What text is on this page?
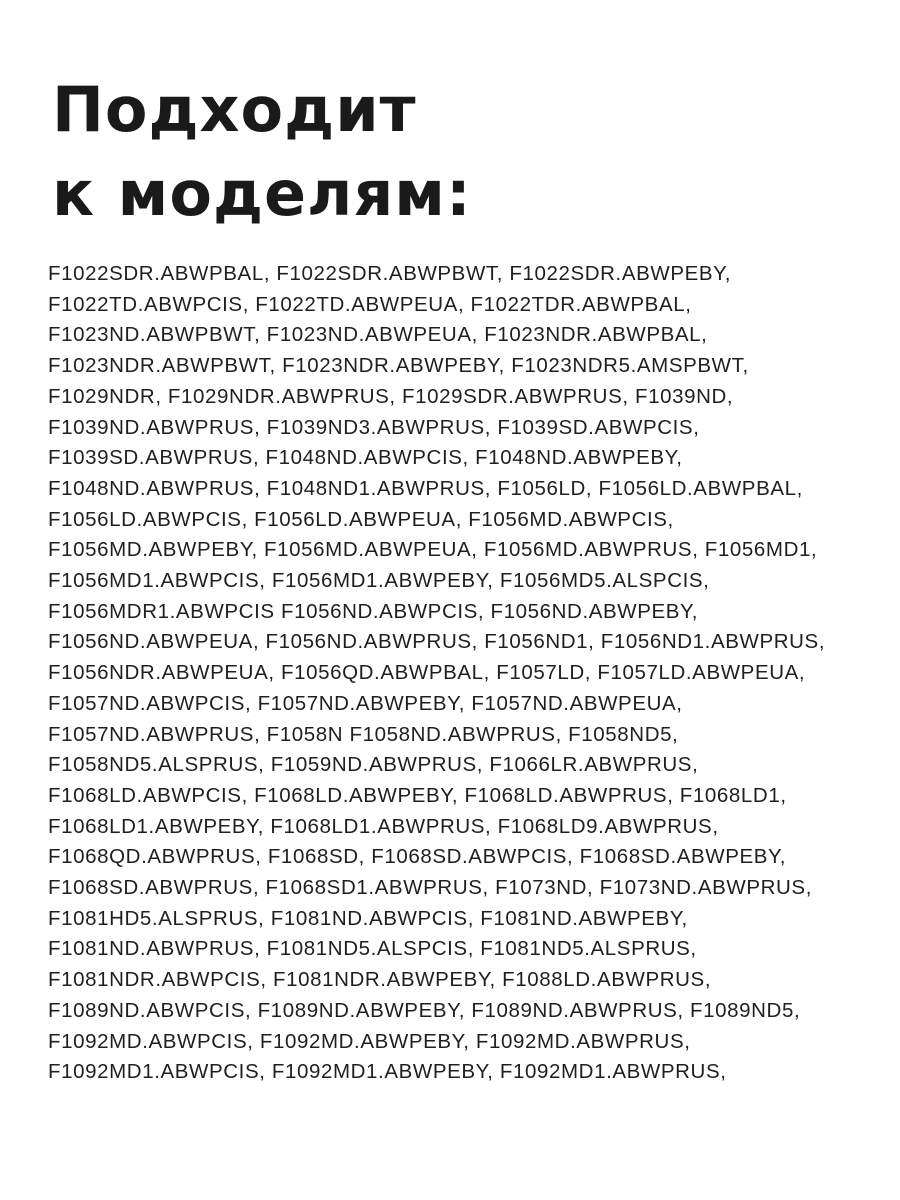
Подходит
к моделям:
F1022SDR.ABWPBAL, F1022SDR.ABWPBWT, F1022SDR.ABWPEBY,
F1022TD.ABWPCIS, F1022TD.ABWPEUA, F1022TDR.ABWPBAL,
F1023ND.ABWPBWT, F1023ND.ABWPEUA, F1023NDR.ABWPBAL,
F1023NDR.ABWPBWT, F1023NDR.ABWPEBY, F1023NDR5.AMSPBWT,
F1029NDR, F1029NDR.ABWPRUS, F1029SDR.ABWPRUS, F1039ND,
F1039ND.ABWPRUS, F1039ND3.ABWPRUS, F1039SD.ABWPCIS,
F1039SD.ABWPRUS, F1048ND.ABWPCIS, F1048ND.ABWPEBY,
F1048ND.ABWPRUS, F1048ND1.ABWPRUS, F1056LD, F1056LD.ABWPBAL,
F1056LD.ABWPCIS, F1056LD.ABWPEUA, F1056MD.ABWPCIS,
F1056MD.ABWPEBY, F1056MD.ABWPEUA, F1056MD.ABWPRUS, F1056MD1,
F1056MD1.ABWPCIS, F1056MD1.ABWPEBY, F1056MD5.ALSPCIS,
F1056MDR1.ABWPCIS F1056ND.ABWPCIS, F1056ND.ABWPEBY,
F1056ND.ABWPEUA, F1056ND.ABWPRUS, F1056ND1, F1056ND1.ABWPRUS,
F1056NDR.ABWPEUA, F1056QD.ABWPBAL, F1057LD, F1057LD.ABWPEUA,
F1057ND.ABWPCIS, F1057ND.ABWPEBY, F1057ND.ABWPEUA,
F1057ND.ABWPRUS, F1058N F1058ND.ABWPRUS, F1058ND5,
F1058ND5.ALSPRUS, F1059ND.ABWPRUS, F1066LR.ABWPRUS,
F1068LD.ABWPCIS, F1068LD.ABWPEBY, F1068LD.ABWPRUS, F1068LD1,
F1068LD1.ABWPEBY, F1068LD1.ABWPRUS, F1068LD9.ABWPRUS,
F1068QD.ABWPRUS, F1068SD, F1068SD.ABWPCIS, F1068SD.ABWPEBY,
F1068SD.ABWPRUS, F1068SD1.ABWPRUS, F1073ND, F1073ND.ABWPRUS,
F1081HD5.ALSPRUS, F1081ND.ABWPCIS, F1081ND.ABWPEBY,
F1081ND.ABWPRUS, F1081ND5.ALSPCIS, F1081ND5.ALSPRUS,
F1081NDR.ABWPCIS, F1081NDR.ABWPEBY, F1088LD.ABWPRUS,
F1089ND.ABWPCIS, F1089ND.ABWPEBY, F1089ND.ABWPRUS, F1089ND5,
F1092MD.ABWPCIS, F1092MD.ABWPEBY, F1092MD.ABWPRUS,
F1092MD1.ABWPCIS, F1092MD1.ABWPEBY, F1092MD1.ABWPRUS,
